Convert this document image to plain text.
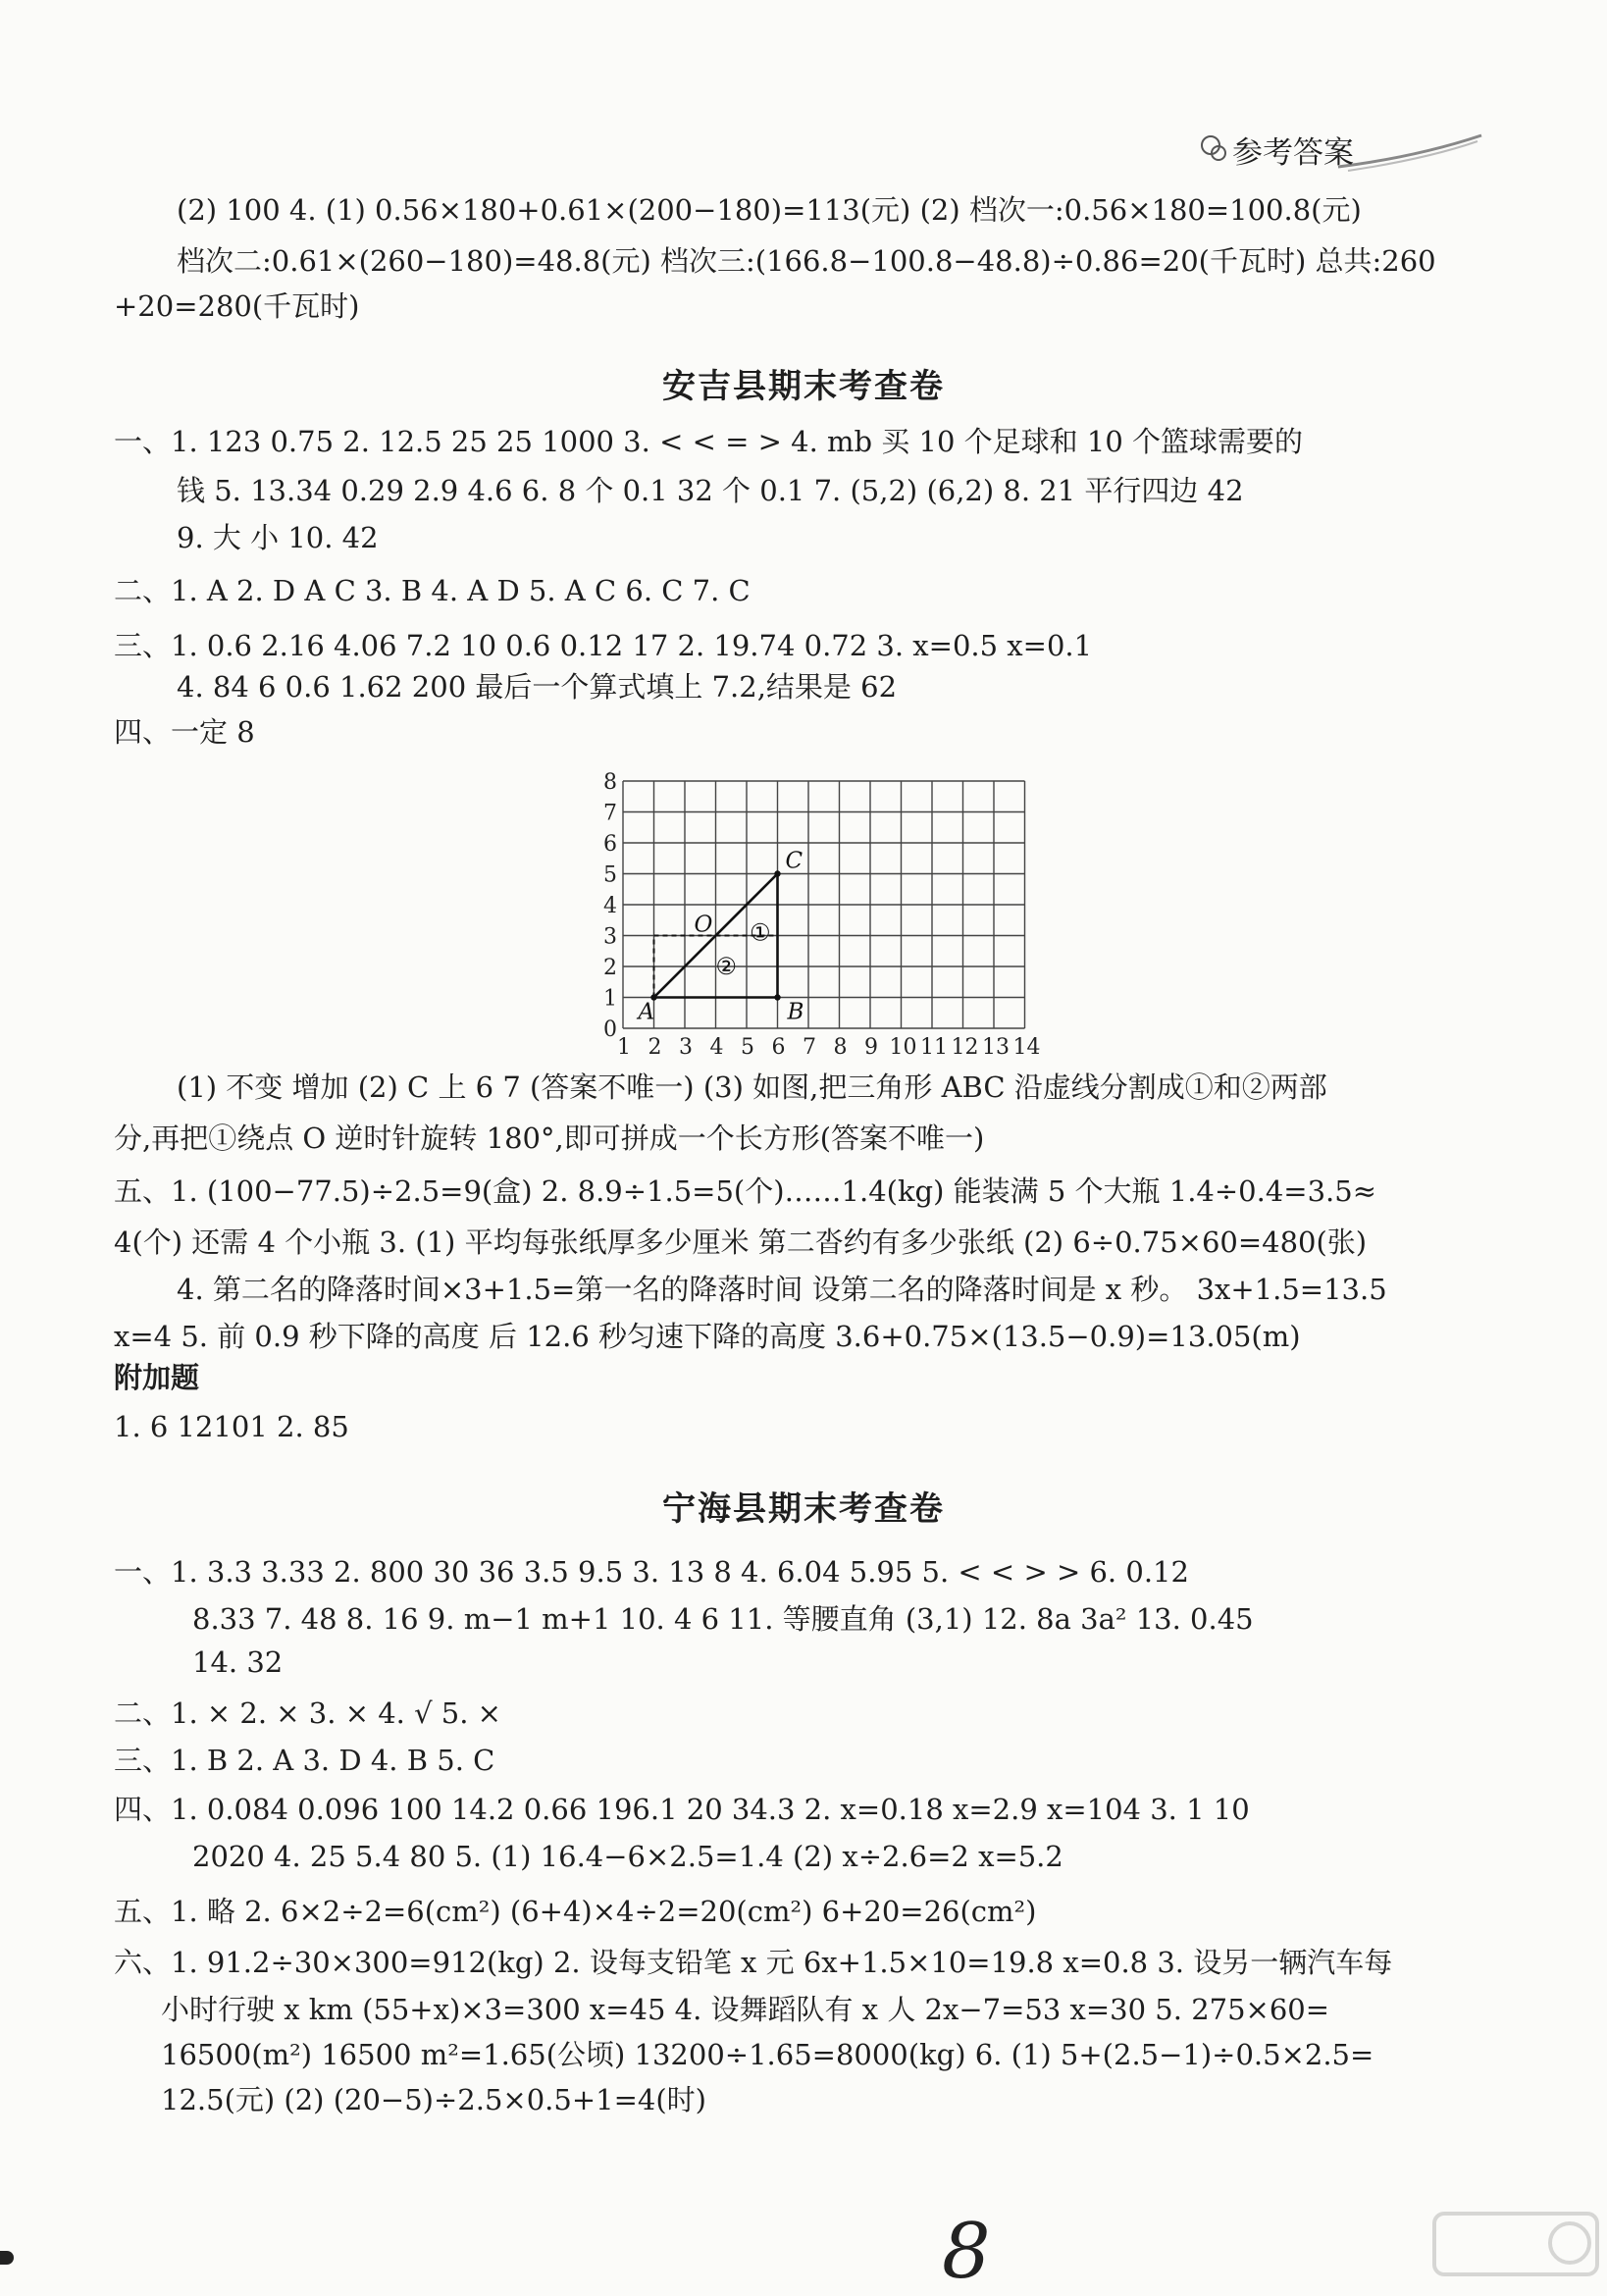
参考答案
(2) 100 4. (1) 0.56×180+0.61×(200−180)=113(元) (2) 档次一:0.56×180=100.8(元)
档次二:0.61×(260−180)=48.8(元) 档次三:(166.8−100.8−48.8)÷0.86=20(千瓦时) 总共:260
+20=280(千瓦时)
安吉县期末考查卷
一、1. 123 0.75 2. 12.5 25 25 1000 3. < < = > 4. mb 买 10 个足球和 10 个篮球需要的
钱 5. 13.34 0.29 2.9 4.6 6. 8 个 0.1 32 个 0.1 7. (5,2) (6,2) 8. 21 平行四边 42
9. 大 小 10. 42
二、1. A 2. D A C 3. B 4. A D 5. A C 6. C 7. C
三、1. 0.6 2.16 4.06 7.2 10 0.6 0.12 17 2. 19.74 0.72 3. x=0.5 x=0.1
4. 84 6 0.6 1.62 200 最后一个算式填上 7.2,结果是 62
四、一定 8
0
1
2
3
4
5
6
7
8
1 2 3 4 5 6 7 8 9 10 11 12 13 14
A	B
C
O ①
②
(1) 不变 增加 (2) C 上 6 7 (答案不唯一) (3) 如图,把三角形 ABC 沿虚线分割成①和②两部
分,再把①绕点 O 逆时针旋转 180°,即可拼成一个长方形(答案不唯一)
五、1. (100−77.5)÷2.5=9(盒) 2. 8.9÷1.5=5(个)……1.4(kg) 能装满 5 个大瓶 1.4÷0.4=3.5≈
4(个) 还需 4 个小瓶 3. (1) 平均每张纸厚多少厘米 第二沓约有多少张纸 (2) 6÷0.75×60=480(张)
4. 第二名的降落时间×3+1.5=第一名的降落时间 设第二名的降落时间是 x 秒。 3x+1.5=13.5
x=4 5. 前 0.9 秒下降的高度 后 12.6 秒匀速下降的高度 3.6+0.75×(13.5−0.9)=13.05(m)
附加题
1. 6 12101 2. 85
宁海县期末考查卷
一、1. 3.3 3.33 2. 800 30 36 3.5 9.5 3. 13 8 4. 6.04 5.95 5. < < > > 6. 0.12
8.33 7. 48 8. 16 9. m−1 m+1 10. 4 6 11. 等腰直角 (3,1) 12. 8a 3a² 13. 0.45
14. 32
二、1. × 2. × 3. × 4. √ 5. ×
三、1. B 2. A 3. D 4. B 5. C
四、1. 0.084 0.096 100 14.2 0.66 196.1 20 34.3 2. x=0.18 x=2.9 x=104 3. 1 10
2020 4. 25 5.4 80 5. (1) 16.4−6×2.5=1.4 (2) x÷2.6=2 x=5.2
五、1. 略 2. 6×2÷2=6(cm²) (6+4)×4÷2=20(cm²) 6+20=26(cm²)
六、1. 91.2÷30×300=912(kg) 2. 设每支铅笔 x 元 6x+1.5×10=19.8 x=0.8 3. 设另一辆汽车每
小时行驶 x km (55+x)×3=300 x=45 4. 设舞蹈队有 x 人 2x−7=53 x=30 5. 275×60=
16500(m²) 16500 m²=1.65(公顷) 13200÷1.65=8000(kg) 6. (1) 5+(2.5−1)÷0.5×2.5=
12.5(元) (2) (20−5)÷2.5×0.5+1=4(时)
8
